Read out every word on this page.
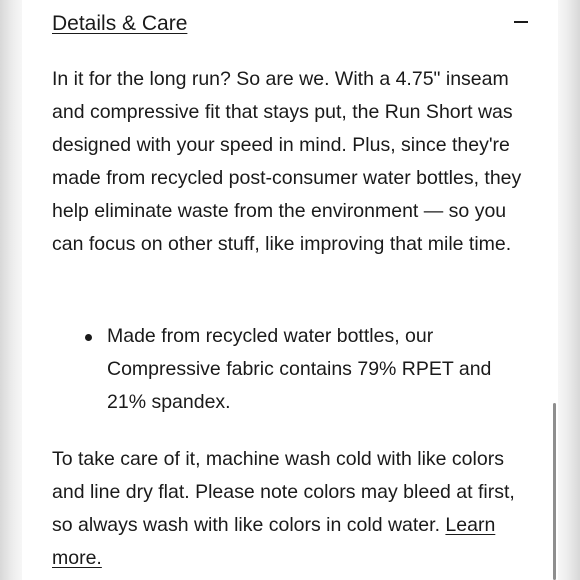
Details & Care

In it for the long run? So are we. With a 4.75" inseam and compressive fit that stays put, the Run Short was designed with your speed in mind. Plus, since they're made from recycled post-consumer water bottles, they help eliminate waste from the environment — so you can focus on other stuff, like improving that mile time.

Made from recycled water bottles, our Compressive fabric contains 79% RPET and 21% spandex.

To take care of it, machine wash cold with like colors and line dry flat. Please note colors may bleed at first, so always wash with like colors in cold water. Learn more.
